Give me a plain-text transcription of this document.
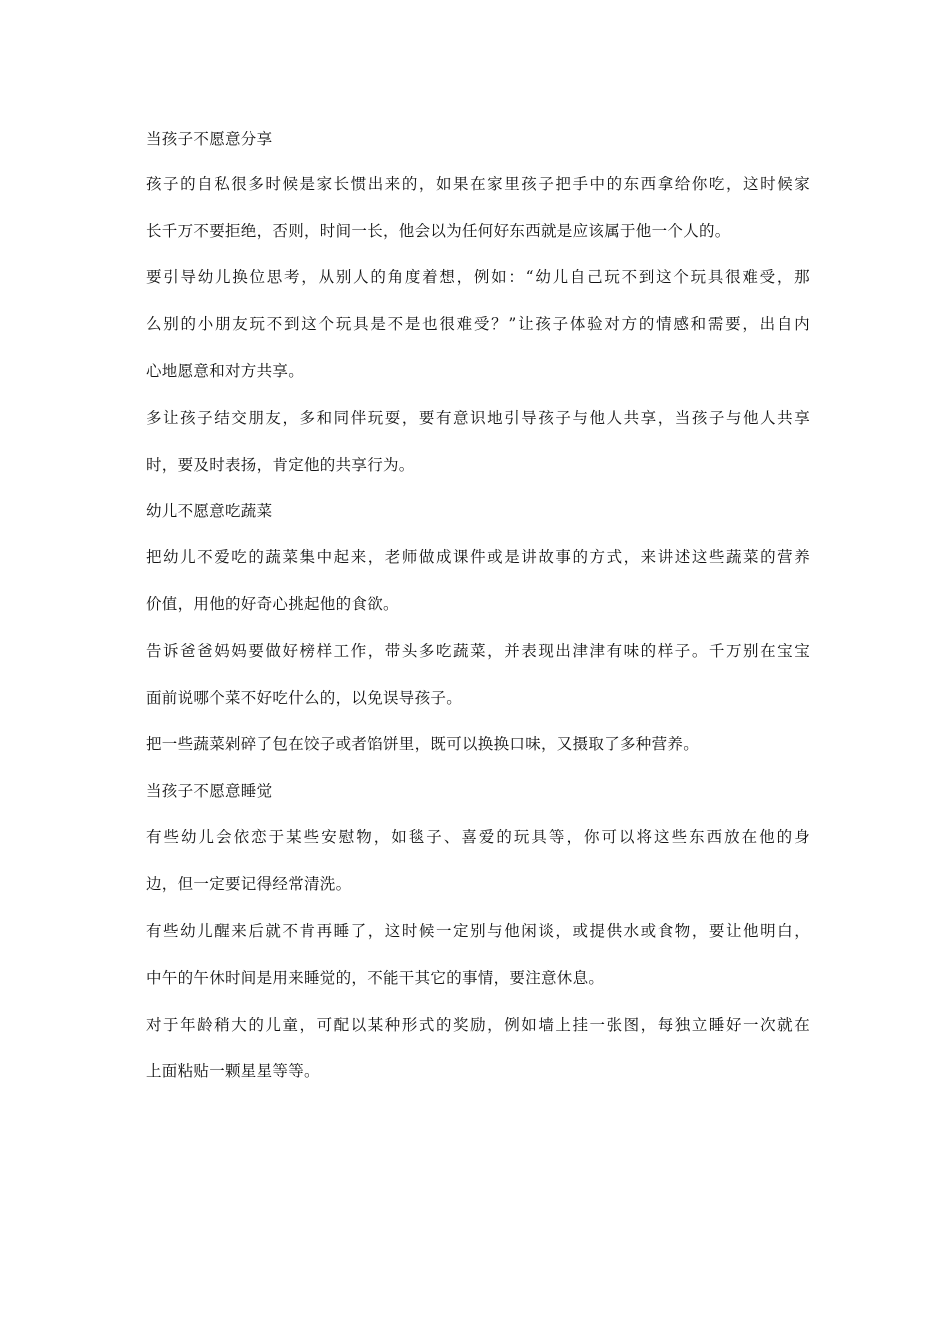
当孩子不愿意分享
孩子的自私很多时候是家长惯出来的，如果在家里孩子把手中的东西拿给你吃，这时候家
长千万不要拒绝，否则，时间一长，他会以为任何好东西就是应该属于他一个人的。
要引导幼儿换位思考，从别人的角度着想，例如：“幼儿自己玩不到这个玩具很难受，那
么别的小朋友玩不到这个玩具是不是也很难受？”让孩子体验对方的情感和需要，出自内
心地愿意和对方共享。
多让孩子结交朋友，多和同伴玩耍，要有意识地引导孩子与他人共享，当孩子与他人共享
时，要及时表扬，肯定他的共享行为。
幼儿不愿意吃蔬菜
把幼儿不爱吃的蔬菜集中起来，老师做成课件或是讲故事的方式，来讲述这些蔬菜的营养
价值，用他的好奇心挑起他的食欲。
告诉爸爸妈妈要做好榜样工作，带头多吃蔬菜，并表现出津津有味的样子。千万别在宝宝
面前说哪个菜不好吃什么的，以免误导孩子。
把一些蔬菜剁碎了包在饺子或者馅饼里，既可以换换口味，又摄取了多种营养。
当孩子不愿意睡觉
有些幼儿会依恋于某些安慰物，如毯子、喜爱的玩具等，你可以将这些东西放在他的身
边，但一定要记得经常清洗。
有些幼儿醒来后就不肯再睡了，这时候一定别与他闲谈，或提供水或食物，要让他明白，
中午的午休时间是用来睡觉的，不能干其它的事情，要注意休息。
对于年龄稍大的儿童，可配以某种形式的奖励，例如墙上挂一张图，每独立睡好一次就在
上面粘贴一颗星星等等。
